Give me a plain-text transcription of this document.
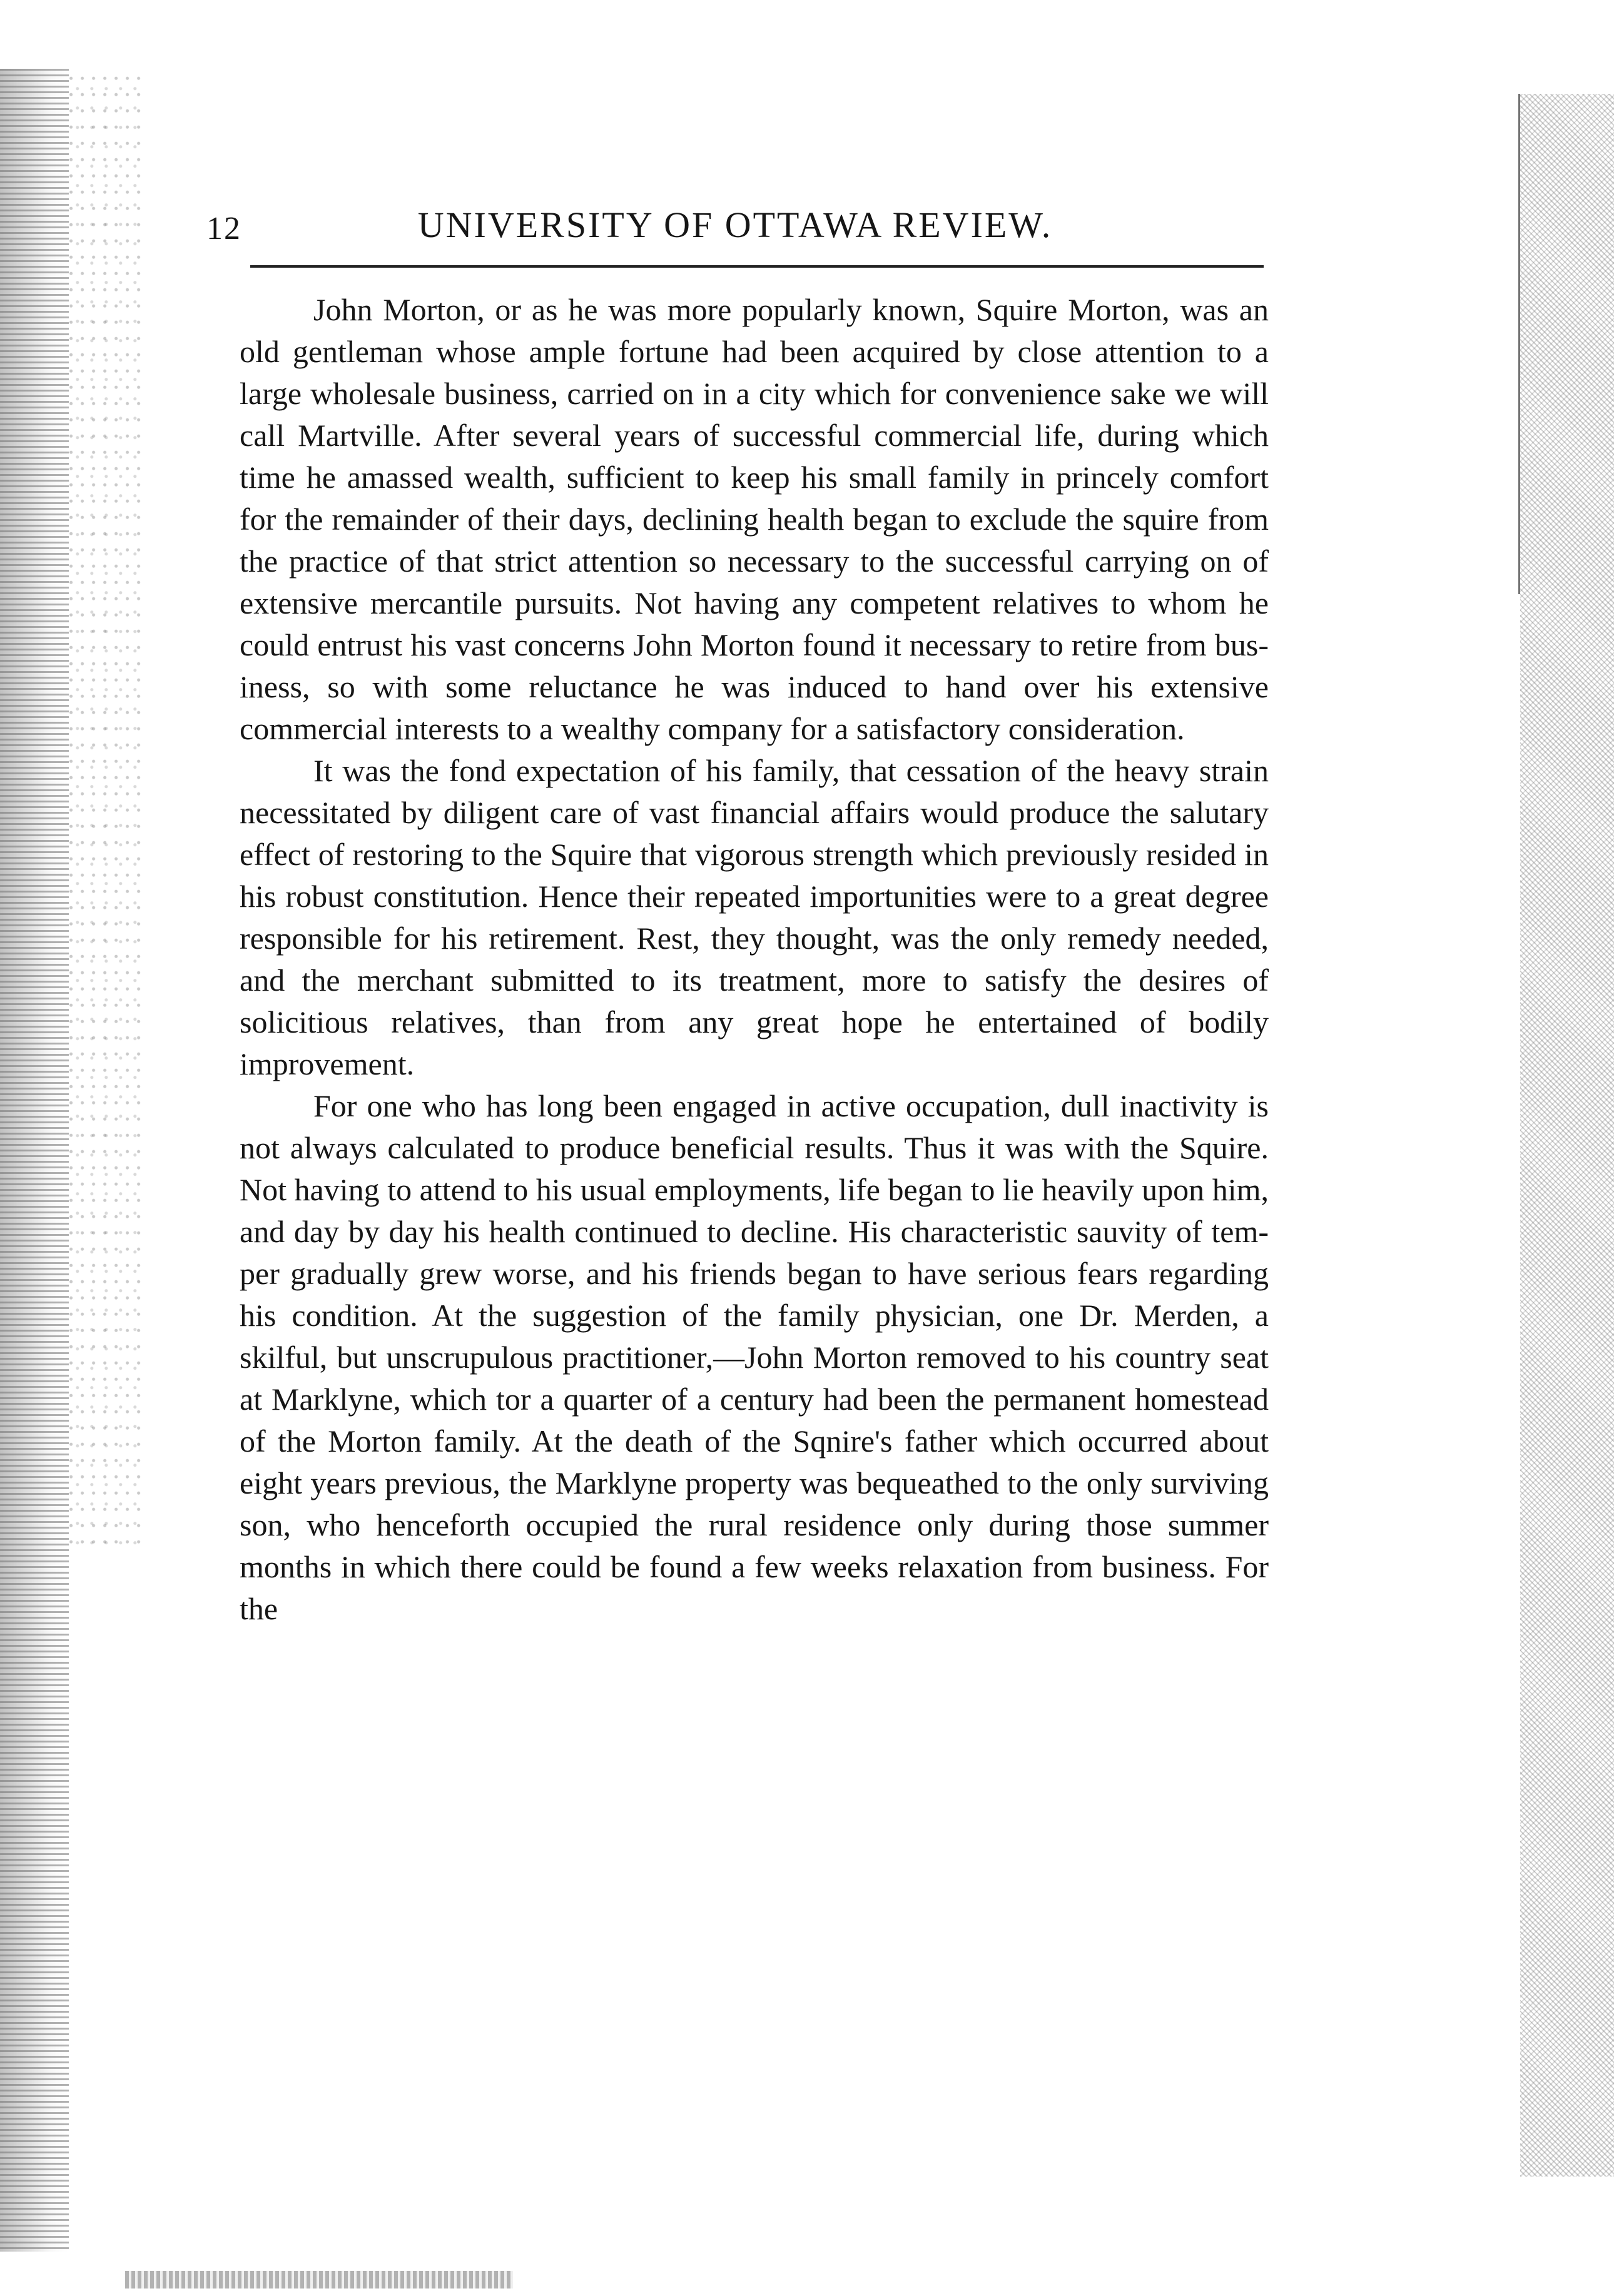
12	UNIVERSITY OF OTTAWA REVIEW.

John Morton, or as he was more popularly known, Squire Morton, was an old gentleman whose ample fortune had been acquired by close attention to a large wholesale business, carried on in a city which for convenience sake we will call Martville. After several years of successful commercial life, during which time he amassed wealth, sufficient to keep his small family in princely comfort for the remainder of their days, declining health began to exclude the squire from the practice of that strict attention so necessary to the successful carrying on of extensive mercantile pursuits. Not having any competent relatives to whom he could entrust his vast concerns John Morton found it necessary to retire from business, so with some reluctance he was induced to hand over his extensive commercial interests to a wealthy company for a satisfactory consideration.

It was the fond expectation of his family, that cessation of the heavy strain necessitated by diligent care of vast financial affairs would produce the salutary effect of restoring to the Squire that vigorous strength which previously resided in his robust constitution. Hence their repeated importunities were to a great degree responsible for his retirement. Rest, they thought, was the only remedy needed, and the merchant submitted to its treatment, more to satisfy the desires of solicitious relatives, than from any great hope he entertained of bodily improvement.

For one who has long been engaged in active occupation, dull inactivity is not always calculated to produce beneficial results. Thus it was with the Squire. Not having to attend to his usual employments, life began to lie heavily upon him, and day by day his health continued to decline. His characteristic sauvity of temper gradually grew worse, and his friends began to have serious fears regarding his condition. At the suggestion of the family physician, one Dr. Merden, a skilful, but unscrupulous practitioner,—John Morton removed to his country seat at Marklyne, which tor a quarter of a century had been the permanent homestead of the Morton family. At the death of the Sqnire's father which occurred about eight years previous, the Marklyne property was bequeathed to the only surviving son, who henceforth occupied the rural residence only during those summer months in which there could be found a few weeks relaxation from business. For the
